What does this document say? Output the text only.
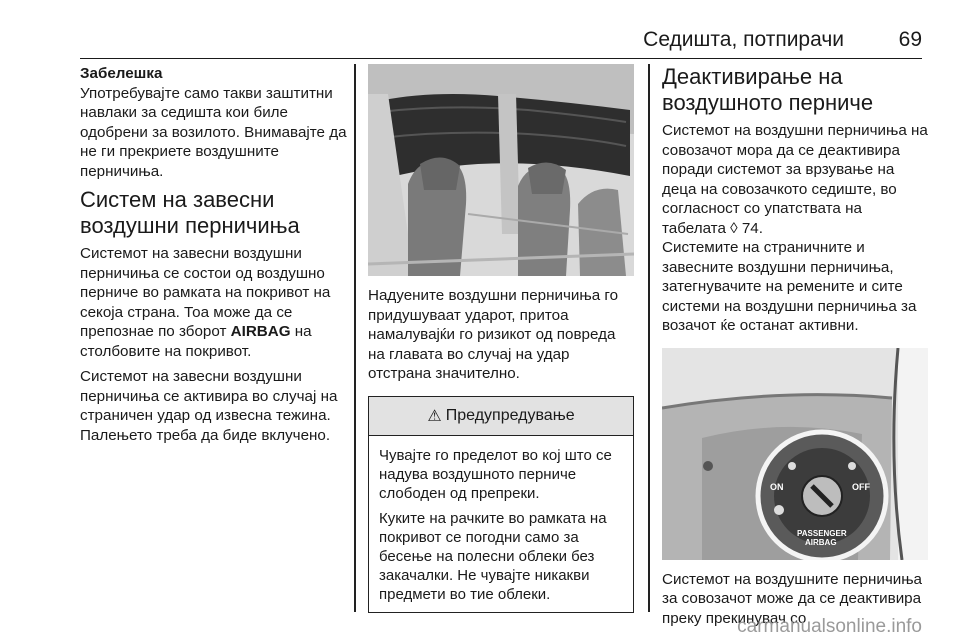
Седишта, потпирачи	69
Забелешка

Употребувајте само такви заштитни навлаки за седишта кои биле одобрени за возилото. Внимавајте да не ги прекриете воздушните перничиња.

Систем на завесни воздушни перничиња

Системот на завесни воздушни перничиња се состои од воздушно перниче во рамката на покривот на секоја страна. Тоа може да се препознае по зборот AIRBAG на столбовите на покривот.

Системот на завесни воздушни перничиња се активира во случај на страничен удар од извесна тежина. Палењето треба да биде вклучено.

Надуените воздушни перничиња го придушуваат ударот, притоа намалувајќи го ризикот од повреда на главата во случај на удар отстрана значително.

⚠ Предупредување

Чувајте го пределот во кој што се надува воздушното перниче слободен од препреки.

Куките на рачките во рамката на покривот се погодни само за бесење на полесни облеки без закачалки. Не чувајте никакви предмети во тие облеки.

Деактивирање на воздушното перниче

Системот на воздушни перничиња на совозачот мора да се деактивира поради системот за врзување на деца на совозачкото седиште, во согласност со упатствата на табелата ◊ 74.

Системите на страничните и завесните воздушни перничиња, затегнувачите на ремените и сите системи на воздушни перничиња за возачот ќе останат активни.

ON	OFF
PASSENGER
AIRBAG

Системот на воздушните перничиња за совозачот може да се деактивира преку прекинувач со

carmanualsonline.info
